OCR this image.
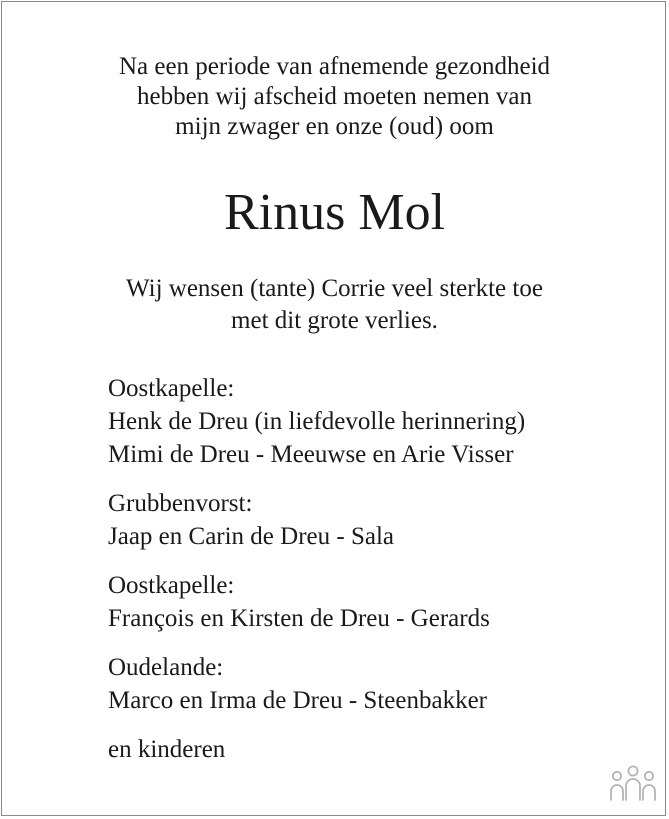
Na een periode van afnemende gezondheid
hebben wij afscheid moeten nemen van
mijn zwager en onze (oud) oom
Rinus Mol
Wij wensen (tante) Corrie veel sterkte toe
met dit grote verlies.
Oostkapelle:
Henk de Dreu (in liefdevolle herinnering)
Mimi de Dreu - Meeuwse en Arie Visser
Grubbenvorst:
Jaap en Carin de Dreu - Sala
Oostkapelle:
François en Kirsten de Dreu - Gerards
Oudelande:
Marco en Irma de Dreu - Steenbakker
en kinderen
